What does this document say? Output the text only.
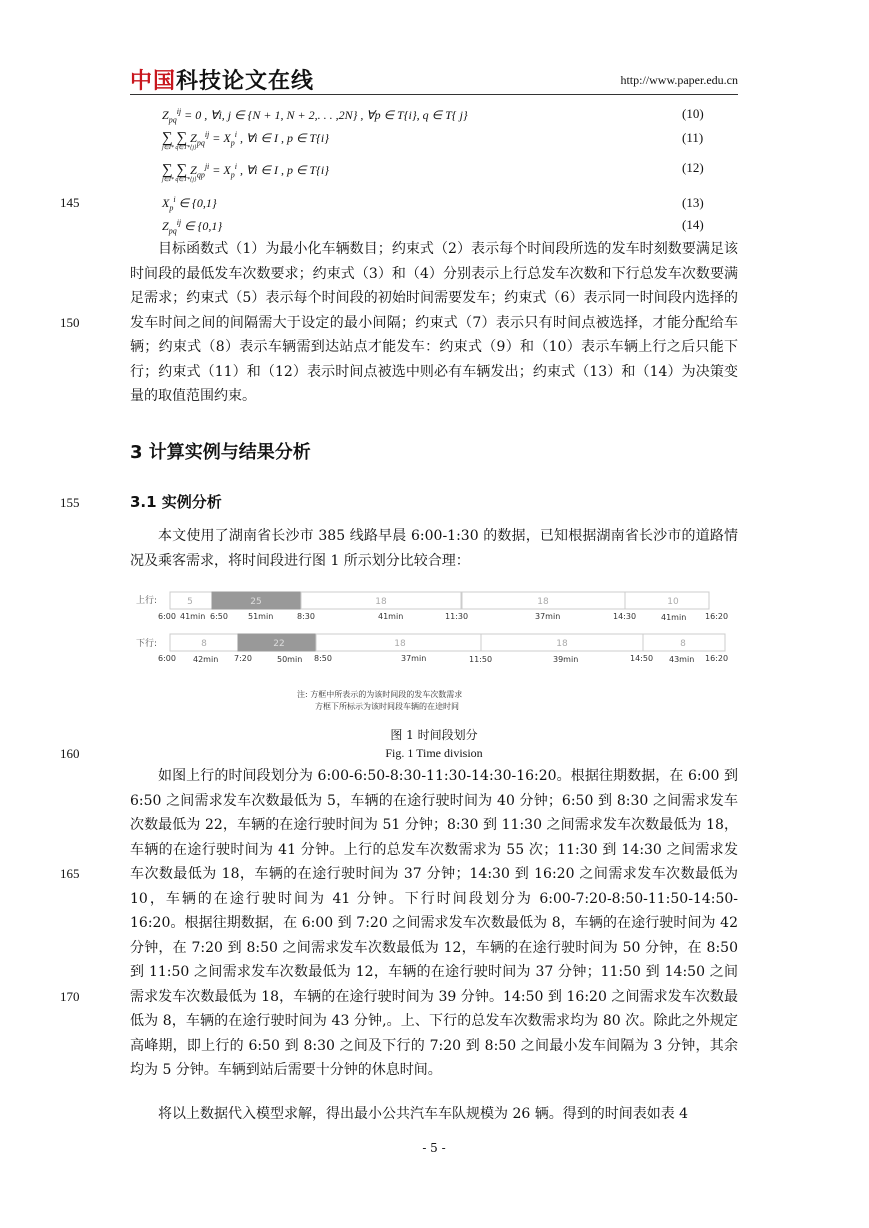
中国科技论文在线	http://www.paper.edu.cn
$Z_{pq}^{ij} = 0$ , ∀i, j ∈ {N + 1, N + 2,. . . ,2N} , ∀p ∈ T{i}, q ∈ T{ j}	(10)
∑ ∑ $Z_{pq}^{ij} = X_p^i$ , ∀i ∈ I , p ∈ T{i}
j∈I* q∈T*{j}
(11)
∑ ∑ $Z_{qp}^{ji} = X_p^i$ , ∀i ∈ I , p ∈ T{i}
j∈I* q∈T*{j}
(12)
$X_p^i$ ∈ {0,1}	(13)
$Z_{pq}^{ij}$ ∈ {0,1}	(14)
145
150
155
160
165
170

目标函数式（1）为最小化车辆数目；约束式（2）表示每个时间段所选的发车时刻数要满足该时间段的最低发车次数要求；约束式（3）和（4）分别表示上行总发车次数和下行总发车次数要满足需求；约束式（5）表示每个时间段的初始时间需要发车；约束式（6）表示同一时间段内选择的发车时间之间的间隔需大于设定的最小间隔；约束式（7）表示只有时间点被选择，才能分配给车辆；约束式（8）表示车辆需到达站点才能发车：约束式（9）和（10）表示车辆上行之后只能下行；约束式（11）和（12）表示时间点被选中则必有车辆发出；约束式（13）和（14）为决策变量的取值范围约束。

3 计算实例与结果分析
3.1 实例分析

本文使用了湖南省长沙市 385 线路早晨 6:00-1:30 的数据，已知根据湖南省长沙市的道路情况及乘客需求，将时间段进行图 1 所示划分比较合理：

上行:	5	25	18	18	10
6:00 41min 6:50	51min	8:30	41min	11:30	37min	14:30	41min 16:20
下行:	8	22	18	18	8
6:00 42min 7:20	50min 8:50	37min	11:50	39min	14:50 43min 16:20
注: 方框中所表示的为该时间段的发车次数需求
方框下所标示为该时间段车辆的在途时间
图 1 时间段划分
Fig. 1 Time division

如图上行的时间段划分为 6:00-6:50-8:30-11:30-14:30-16:20。根据往期数据，在 6:00 到 6:50 之间需求发车次数最低为 5，车辆的在途行驶时间为 40 分钟；6:50 到 8:30 之间需求发车次数最低为 22，车辆的在途行驶时间为 51 分钟；8:30 到 11:30 之间需求发车次数最低为 18，车辆的在途行驶时间为 41 分钟。上行的总发车次数需求为 55 次；11:30 到 14:30 之间需求发车次数最低为 18，车辆的在途行驶时间为 37 分钟；14:30 到 16:20 之间需求发车次数最低为 10，车辆的在途行驶时间为 41 分钟。下行时间段划分为 6:00-7:20-8:50-11:50-14:50-16:20。根据往期数据，在 6:00 到 7:20 之间需求发车次数最低为 8，车辆的在途行驶时间为 42 分钟，在 7:20 到 8:50 之间需求发车次数最低为 12，车辆的在途行驶时间为 50 分钟，在 8:50 到 11:50 之间需求发车次数最低为 12，车辆的在途行驶时间为 37 分钟；11:50 到 14:50 之间需求发车次数最低为 18，车辆的在途行驶时间为 39 分钟。14:50 到 16:20 之间需求发车次数最低为 8，车辆的在途行驶时间为 43 分钟,。上、下行的总发车次数需求均为 80 次。除此之外规定高峰期，即上行的 6:50 到 8:30 之间及下行的 7:20 到 8:50 之间最小发车间隔为 3 分钟，其余均为 5 分钟。车辆到站后需要十分钟的休息时间。

将以上数据代入模型求解，得出最小公共汽车车队规模为 26 辆。得到的时间表如表 4

- 5 -
